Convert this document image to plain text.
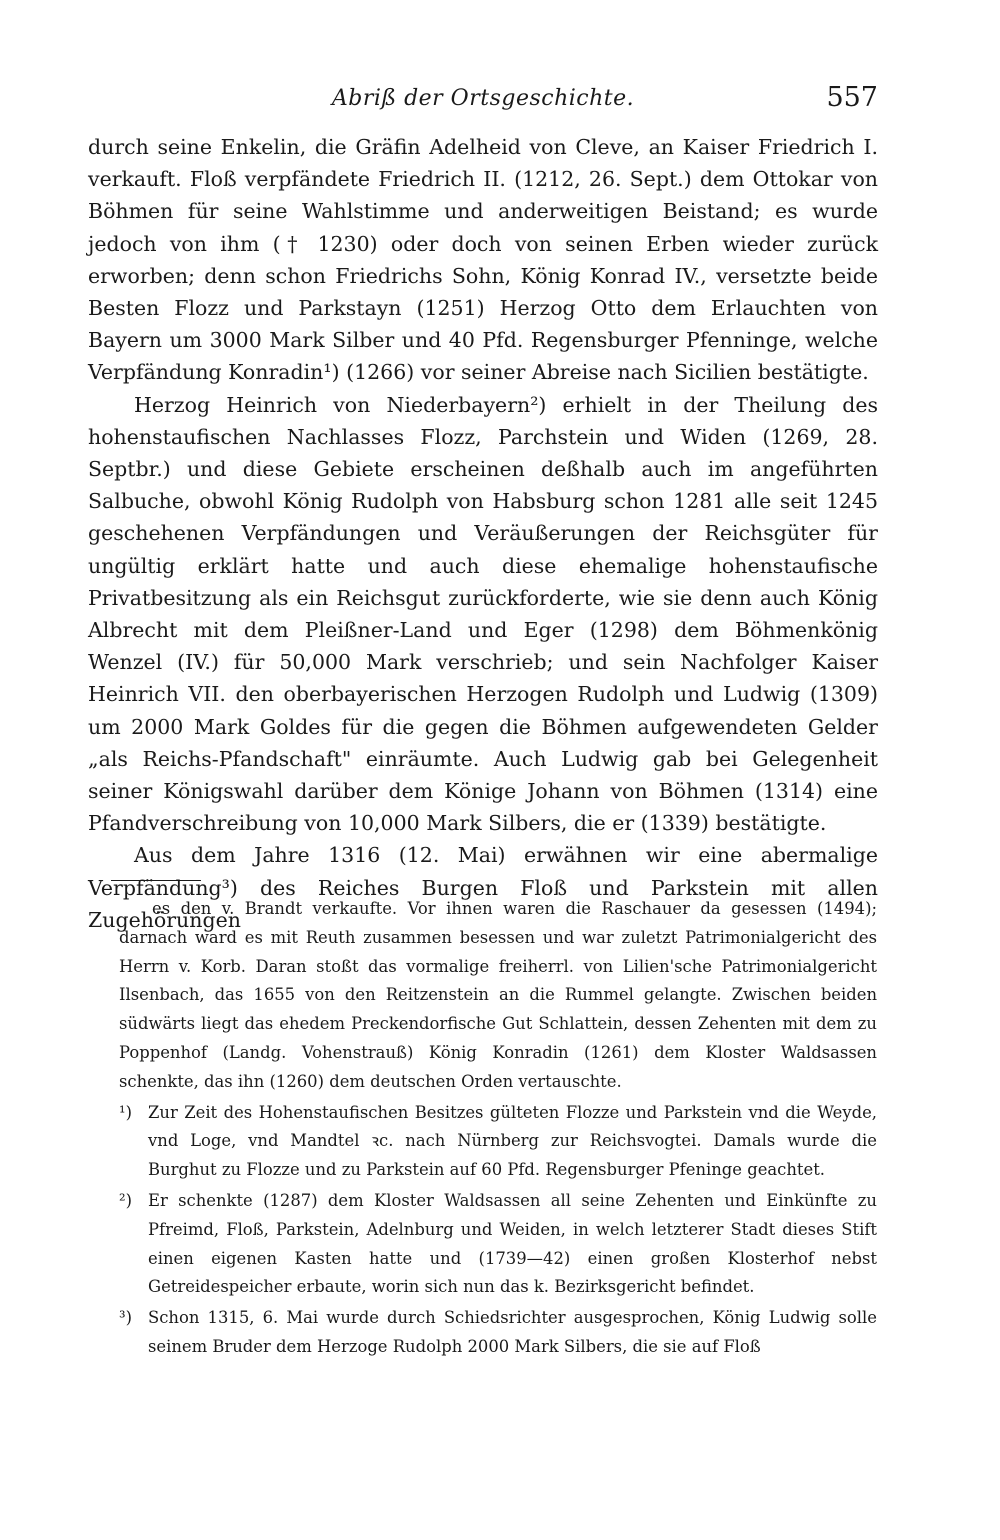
Abriß der Ortsgeschichte.	557

durch seine Enkelin, die Gräfin Adelheid von Cleve, an Kaiser Friedrich I. verkauft. Floß verpfändete Friedrich II. (1212, 26. Sept.) dem Ottokar von Böhmen für seine Wahlstimme und anderweitigen Beistand; es wurde jedoch von ihm († 1230) oder doch von seinen Erben wieder zurück erworben; denn schon Friedrichs Sohn, König Konrad IV., versetzte beide Besten Flozz und Parkstayn (1251) Herzog Otto dem Erlauchten von Bayern um 3000 Mark Silber und 40 Pfd. Regensburger Pfenninge, welche Verpfändung Konradin¹) (1266) vor seiner Abreise nach Sicilien bestätigte.

Herzog Heinrich von Niederbayern²) erhielt in der Theilung des hohenstaufischen Nachlasses Flozz, Parchstein und Widen (1269, 28. Septbr.) und diese Gebiete erscheinen deßhalb auch im angeführten Salbuche, obwohl König Rudolph von Habsburg schon 1281 alle seit 1245 geschehenen Verpfändungen und Veräußerungen der Reichsgüter für ungültig erklärt hatte und auch diese ehemalige hohenstaufische Privatbesitzung als ein Reichsgut zurückforderte, wie sie denn auch König Albrecht mit dem Pleißner-Land und Eger (1298) dem Böhmenkönig Wenzel (IV.) für 50,000 Mark verschrieb; und sein Nachfolger Kaiser Heinrich VII. den oberbayerischen Herzogen Rudolph und Ludwig (1309) um 2000 Mark Goldes für die gegen die Böhmen aufgewendeten Gelder „als Reichs-Pfandschaft" einräumte. Auch Ludwig gab bei Gelegenheit seiner Königswahl darüber dem Könige Johann von Böhmen (1314) eine Pfandverschreibung von 10,000 Mark Silbers, die er (1339) bestätigte.

Aus dem Jahre 1316 (12. Mai) erwähnen wir eine abermalige Verpfändung³) des Reiches Burgen Floß und Parkstein mit allen Zugehörungen

es den v. Brandt verkaufte. Vor ihnen waren die Raschauer da gesessen (1494); darnach ward es mit Reuth zusammen besessen und war zuletzt Patrimonialgericht des Herrn v. Korb. Daran stoßt das vormalige freiherrl. von Lilien'sche Patrimonialgericht Ilsenbach, das 1655 von den Reitzenstein an die Rummel gelangte. Zwischen beiden südwärts liegt das ehedem Preckendorfische Gut Schlattein, dessen Zehenten mit dem zu Poppenhof (Landg. Vohenstrauß) König Konradin (1261) dem Kloster Waldsassen schenkte, das ihn (1260) dem deutschen Orden vertauschte.

¹) Zur Zeit des Hohenstaufischen Besitzes gülteten Flozze und Parkstein vnd die Weyde, vnd Loge, vnd Mandtel ꝛc. nach Nürnberg zur Reichsvogtei. Damals wurde die Burghut zu Flozze und zu Parkstein auf 60 Pfd. Regensburger Pfeninge geachtet.

²) Er schenkte (1287) dem Kloster Waldsassen all seine Zehenten und Einkünfte zu Pfreimd, Floß, Parkstein, Adelnburg und Weiden, in welch letzterer Stadt dieses Stift einen eigenen Kasten hatte und (1739—42) einen großen Klosterhof nebst Getreidespeicher erbaute, worin sich nun das k. Bezirksgericht befindet.

³) Schon 1315, 6. Mai wurde durch Schiedsrichter ausgesprochen, König Ludwig solle seinem Bruder dem Herzoge Rudolph 2000 Mark Silbers, die sie auf Floß
